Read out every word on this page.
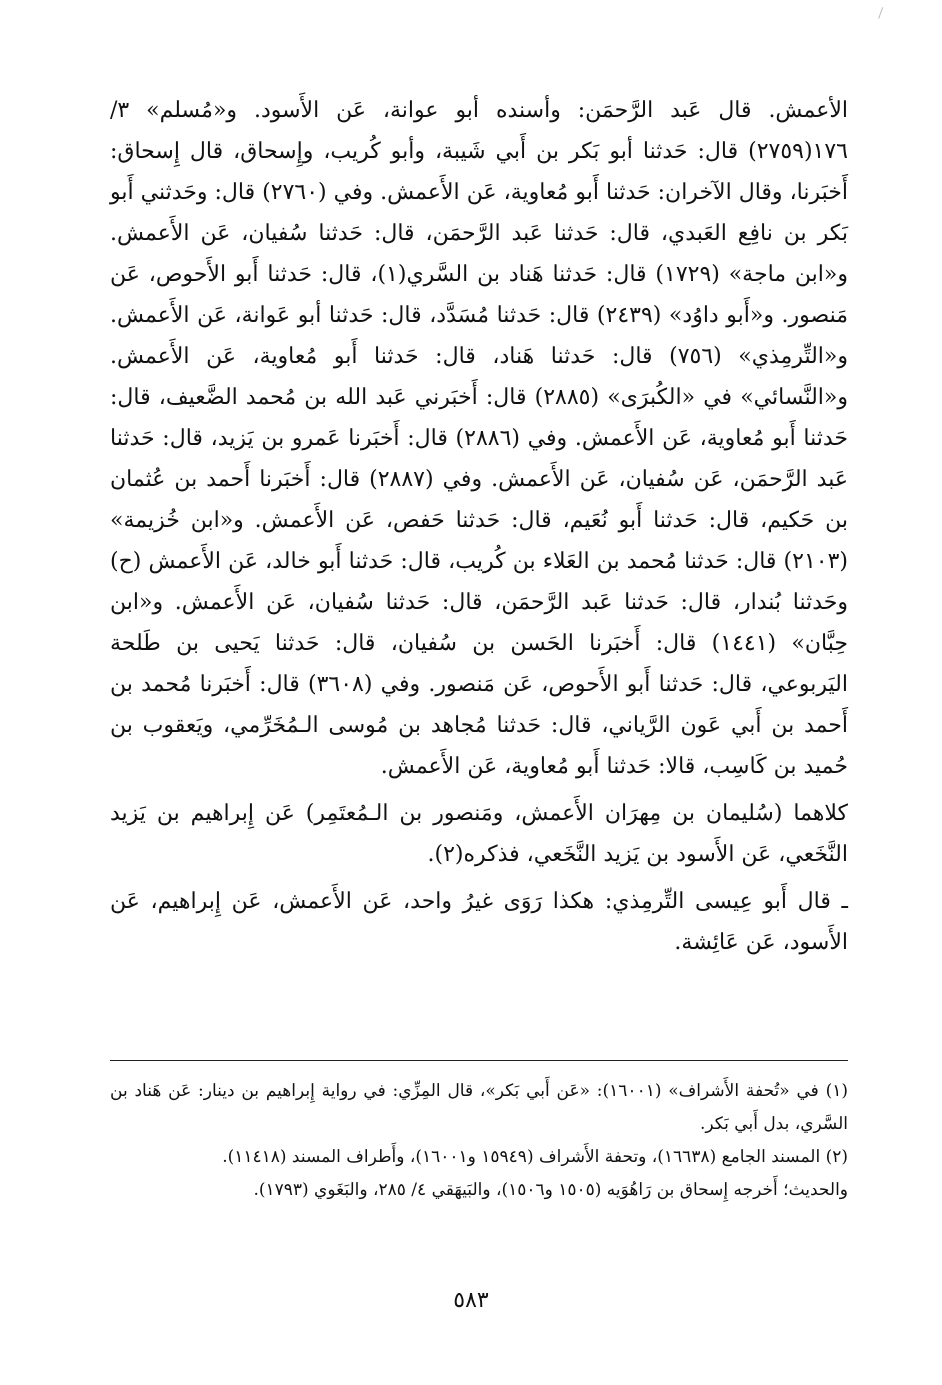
الأعمش. قال عَبد الرَّحمَن: وأسنده أبو عوانة، عَن الأَسود. و«مُسلم» ٣/ ١٧٦(٢٧٥٩) قال: حَدثنا أبو بَكر بن أَبي شَيبة، وأبو كُريب، وإِسحاق، قال إِسحاق: أَخبَرنا، وقال الآخران: حَدثنا أَبو مُعاوية، عَن الأَعمش. وفي (٢٧٦٠) قال: وحَدثني أَبو بَكر بن نافِع العَبدي، قال: حَدثنا عَبد الرَّحمَن، قال: حَدثنا سُفيان، عَن الأَعمش. و«ابن ماجة» (١٧٢٩) قال: حَدثنا هَناد بن السَّري(١)، قال: حَدثنا أَبو الأَحوص، عَن مَنصور. و«أَبو داوُد» (٢٤٣٩) قال: حَدثنا مُسَدَّد، قال: حَدثنا أبو عَوانة، عَن الأَعمش. و«التِّرمِذي» (٧٥٦) قال: حَدثنا هَناد، قال: حَدثنا أَبو مُعاوية، عَن الأَعمش. و«النَّسائي» في «الكُبرَى» (٢٨٨٥) قال: أَخبَرني عَبد الله بن مُحمد الضَّعيف، قال: حَدثنا أَبو مُعاوية، عَن الأَعمش. وفي (٢٨٨٦) قال: أَخبَرنا عَمرو بن يَزيد، قال: حَدثنا عَبد الرَّحمَن، عَن سُفيان، عَن الأَعمش. وفي (٢٨٨٧) قال: أَخبَرنا أَحمد بن عُثمان بن حَكيم، قال: حَدثنا أَبو نُعَيم، قال: حَدثنا حَفص، عَن الأَعمش. و«ابن خُزيمة» (٢١٠٣) قال: حَدثنا مُحمد بن العَلاء بن كُريب، قال: حَدثنا أَبو خالد، عَن الأَعمش (ح) وحَدثنا بُندار، قال: حَدثنا عَبد الرَّحمَن، قال: حَدثنا سُفيان، عَن الأَعمش. و«ابن حِبَّان» (١٤٤١) قال: أَخبَرنا الحَسن بن سُفيان، قال: حَدثنا يَحيى بن طَلحة اليَربوعي، قال: حَدثنا أَبو الأَحوص، عَن مَنصور. وفي (٣٦٠٨) قال: أَخبَرنا مُحمد بن أَحمد بن أَبي عَون الرَّياني، قال: حَدثنا مُجاهد بن مُوسى الـمُخَرِّمي، ويَعقوب بن حُميد بن كَاسِب، قالا: حَدثنا أَبو مُعاوية، عَن الأَعمش.

كلاهما (سُليمان بن مِهرَان الأَعمش، ومَنصور بن الـمُعتَمِر) عَن إِبراهيم بن يَزيد النَّخَعي، عَن الأَسود بن يَزيد النَّخَعي، فذكره(٢).

ـ قال أَبو عِيسى التِّرمِذي: هكذا رَوَى غيرُ واحد، عَن الأَعمش، عَن إِبراهيم، عَن الأَسود، عَن عَائِشة.

(١) في «تُحفة الأَشراف» (١٦٠٠١): «عَن أَبي بَكر»، قال المِزِّي: في رواية إِبراهيم بن دينار: عَن هَناد بن السَّري، بدل أَبي بَكر.

(٢) المسند الجامع (١٦٦٣٨)، وتحفة الأَشراف (١٥٩٤٩ و١٦٠٠١)، وأَطراف المسند (١١٤١٨).

والحديث؛ أَخرجه إِسحاق بن رَاهُوَيه (١٥٠٥ و١٥٠٦)، والبَيهَقي ٤/ ٢٨٥، والبَغَوي (١٧٩٣).

٥٨٣
